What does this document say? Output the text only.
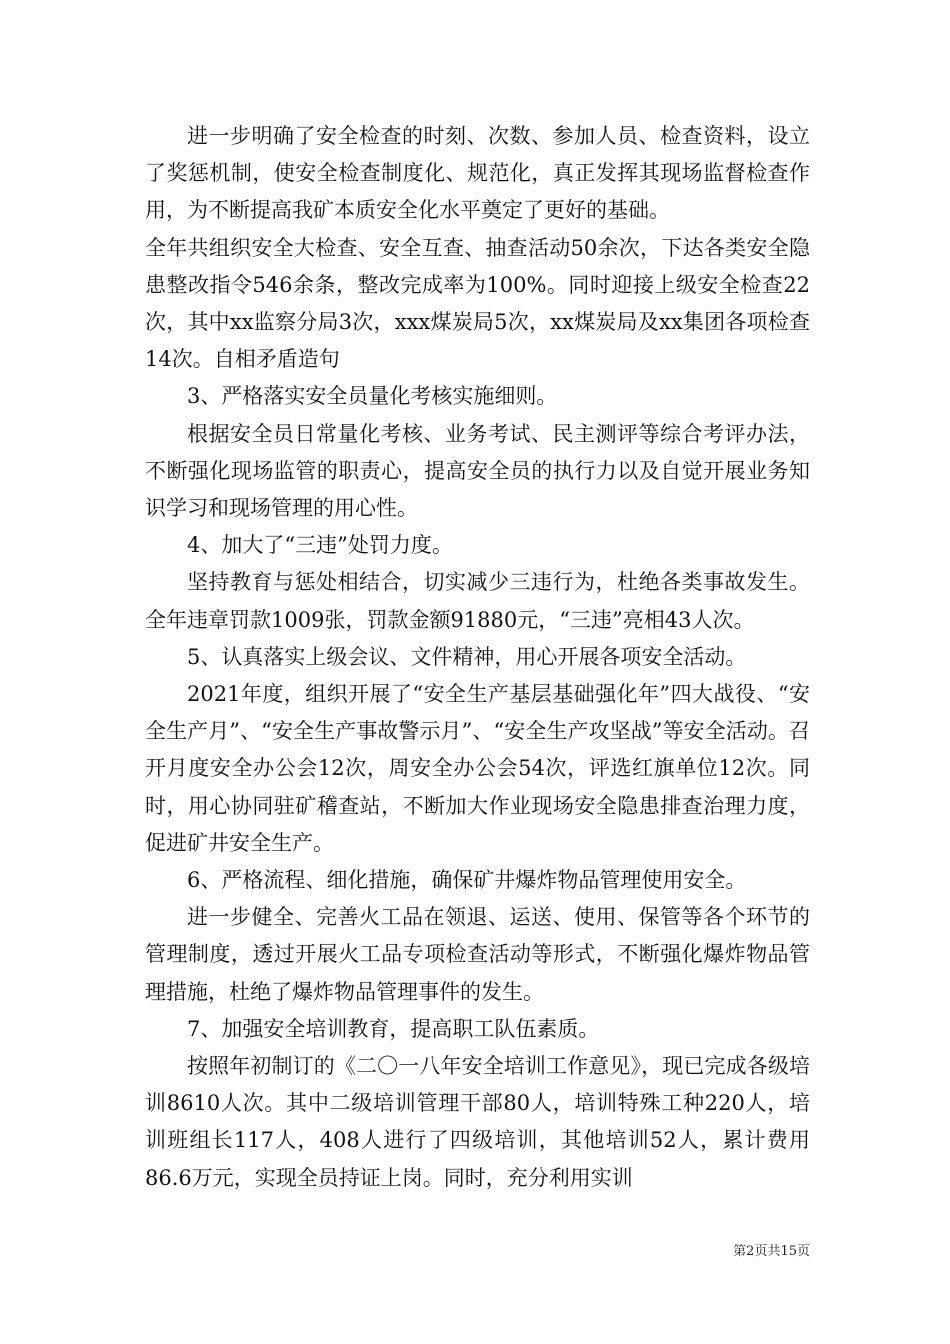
进一步明确了安全检查的时刻、次数、参加人员、检查资料，设立了奖惩机制，使安全检查制度化、规范化，真正发挥其现场监督检查作用，为不断提高我矿本质安全化水平奠定了更好的基础。

全年共组织安全大检查、安全互查、抽查活动50余次，下达各类安全隐患整改指令546余条，整改完成率为100%。同时迎接上级安全检查22次，其中xx监察分局3次，xxx煤炭局5次，xx煤炭局及xx集团各项检查14次。自相矛盾造句

3、严格落实安全员量化考核实施细则。

根据安全员日常量化考核、业务考试、民主测评等综合考评办法，不断强化现场监管的职责心，提高安全员的执行力以及自觉开展业务知识学习和现场管理的用心性。

4、加大了“三违”处罚力度。

坚持教育与惩处相结合，切实减少三违行为，杜绝各类事故发生。全年违章罚款1009张，罚款金额91880元，“三违”亮相43人次。

5、认真落实上级会议、文件精神，用心开展各项安全活动。

2021年度，组织开展了“安全生产基层基础强化年”四大战役、“安全生产月”、“安全生产事故警示月”、“安全生产攻坚战”等安全活动。召开月度安全办公会12次，周安全办公会54次，评选红旗单位12次。同时，用心协同驻矿稽查站，不断加大作业现场安全隐患排查治理力度，促进矿井安全生产。

6、严格流程、细化措施，确保矿井爆炸物品管理使用安全。

进一步健全、完善火工品在领退、运送、使用、保管等各个环节的管理制度，透过开展火工品专项检查活动等形式，不断强化爆炸物品管理措施，杜绝了爆炸物品管理事件的发生。

7、加强安全培训教育，提高职工队伍素质。

按照年初制订的《二〇一八年安全培训工作意见》，现已完成各级培训8610人次。其中二级培训管理干部80人，培训特殊工种220人，培训班组长117人，408人进行了四级培训，其他培训52人，累计费用86.6万元，实现全员持证上岗。同时，充分利用实训

第2页共15页
